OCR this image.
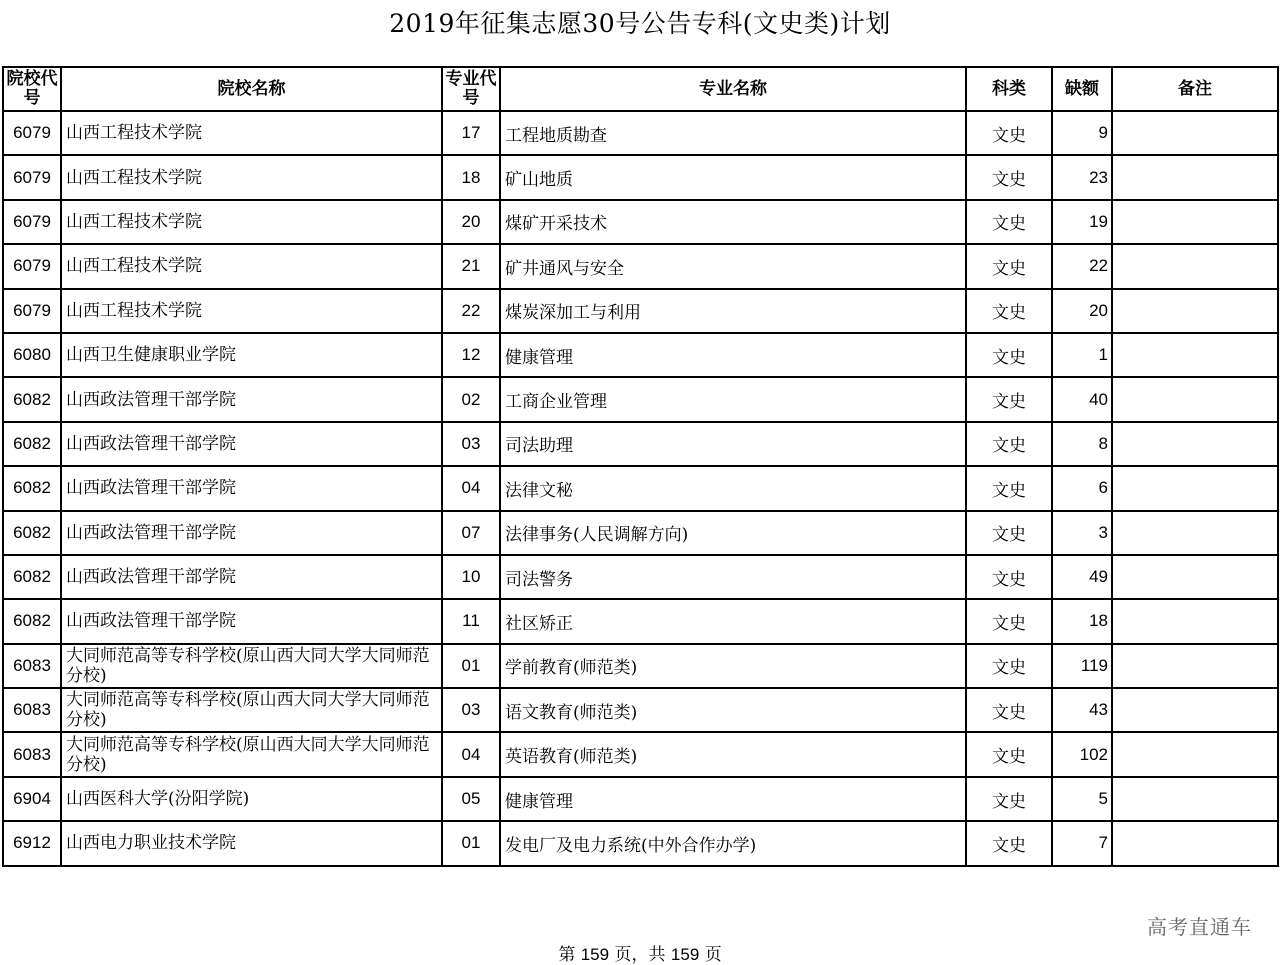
2019年征集志愿30号公告专科(文史类)计划
院校代号	院校名称	专业代号	专业名称	科类	缺额	备注
6079	山西工程技术学院	17	工程地质勘查	文史	9	
6079	山西工程技术学院	18	矿山地质	文史	23	
6079	山西工程技术学院	20	煤矿开采技术	文史	19	
6079	山西工程技术学院	21	矿井通风与安全	文史	22	
6079	山西工程技术学院	22	煤炭深加工与利用	文史	20	
6080	山西卫生健康职业学院	12	健康管理	文史	1	
6082	山西政法管理干部学院	02	工商企业管理	文史	40	
6082	山西政法管理干部学院	03	司法助理	文史	8	
6082	山西政法管理干部学院	04	法律文秘	文史	6	
6082	山西政法管理干部学院	07	法律事务(人民调解方向)	文史	3	
6082	山西政法管理干部学院	10	司法警务	文史	49	
6082	山西政法管理干部学院	11	社区矫正	文史	18	
6083	大同师范高等专科学校(原山西大同大学大同师范分校)	01	学前教育(师范类)	文史	119	
6083	大同师范高等专科学校(原山西大同大学大同师范分校)	03	语文教育(师范类)	文史	43	
6083	大同师范高等专科学校(原山西大同大学大同师范分校)	04	英语教育(师范类)	文史	102	
6904	山西医科大学(汾阳学院)	05	健康管理	文史	5	
6912	山西电力职业技术学院	01	发电厂及电力系统(中外合作办学)	文史	7	
第 159 页，共 159 页
高考直通车
